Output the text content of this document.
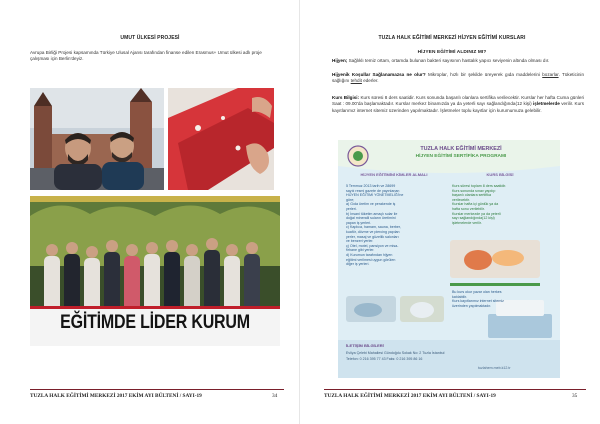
UMUT ÜLKESİ PROJESİ
Avrupa Birliği Projesi kapsamında Türkiye Ulusal Ajansı tarafından finanse edilen Erasmus+ Umut ülkesi adlı proje çalışması için Berlin'deyiz.
EĞİTİMDE LİDER KURUM
TUZLA HALK EĞİTİMİ MERKEZİ 2017 EKİM AYI BÜLTENİ / SAYI-19	34
TUZLA HALK EĞİTİMİ MERKEZİ HİJYEN EĞİTİMİ KURSLARI
HİJYEN EĞİTİMİ ALDINIZ MI?
Hijyen; Sağlıklı temiz ortam, ortamda bulunan bakteri sayısının hastalık yapıcı seviyenin altında olması dır.
Hijyenik Koşullar Sağlanamazsa ne olur? Mikroplar, hızlı bir şekilde üreyerek gıda maddelerini bozarlar. Tüketicinin sağlığını tehdit ederler.
Kurs Bilgisi: Kurs süresi 8 ders saatidir. Kurs sonunda başarılı olanlara sertifika verilecektir. Kurslar her hafta Cuma günleri Saat : 09.00'da başlamaktadır. Kurslar merkez binamızda ya da yeterli sayı sağlandığında(12 kişi) işletmelerde verilir. Kurs kayıtlarımız internet sitemiz üzerinden yapılmaktadır. İşletmeler toplu kayıtlar için kurumumuza gelebilir.
TUZLA HALK EĞİTİMİ MERKEZİ
HİJYEN EĞİTİMİ SERTİFİKA PROGRAMI
HİJYEN EĞİTİMİNİ KİMLER ALMALI
5 Temmuz 2013 tarih ve 28699
sayılı resmi gazete de yayınlanan
HİJYEN EĞİTİMİ YÖNETMELİĞİ'ne
göre;
a) Gıda üretim ve perakende iş
yerleri.
b) İnsani tüketim amaçlı sular ile
doğal mineralli suların üretimini
yapan iş yerleri.
c) Kaplıca, hamam, sauna, berber,
kuaför, dövme ve piercing yapılan
yerler, masaj ve güzellik salonları
ve benzeri yerler.
ç) Otel, motel, pansiyon ve misa-
firhane gibi yerler.
d) Kurumun tarafından hijyen
eğitimi verilmesi uygun görülen
diğer iş yerleri.
KURS BİLGİSİ
Kurs süresi toplam 8 ders saatidir.
Kurs sonunda sınav yapılıp
başarılı olanlara sertifika
verilecektir.
Kurslar hafta içi günlük ya da
hafta sonu verilebilir.
Kurslar merkezde ya da yeterli
sayı sağlandığında(12 kişi)
işletmelerde verilir.
Bu kurs okur yazar olan herkes
katılabilir.
Kurs kayıtlarımız internet sitemiz
üzerinden yapılmaktadır.
İLETİŞİM BİLGİLERİ
Evliya Çelebi Mahallesi Gündoğdu Sokak No: 2 Tuzla İstanbul
Telefon: 0 216 395 77 43 Faks: 0 216 395 86 16
tuzlahem.meb.k12.tr
TUZLA HALK EĞİTİMİ MERKEZİ 2017 EKİM AYI BÜLTENİ / SAYI-19	35
